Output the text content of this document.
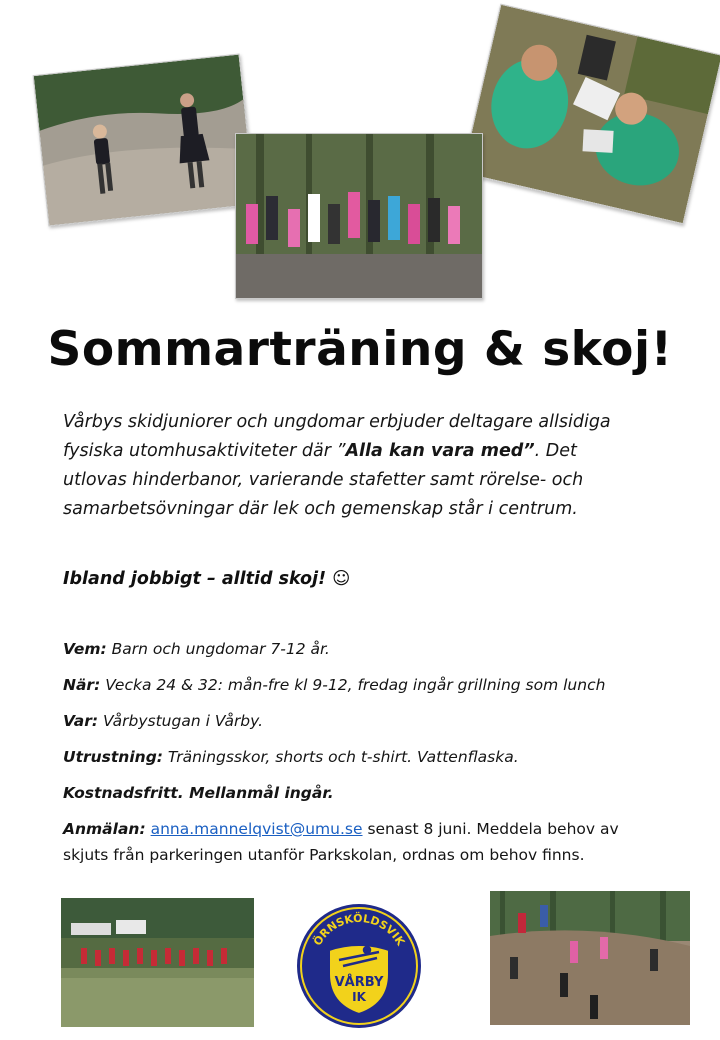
Sommarträning & skoj!
Vårbys skidjuniorer och ungdomar erbjuder deltagare allsidiga fysiska utomhusaktiviteter där ”Alla kan vara med”. Det utlovas hinderbanor, varierande stafetter samt rörelse- och samarbetsövningar där lek och gemenskap står i centrum.
Ibland jobbigt – alltid skoj! ☺
Vem: Barn och ungdomar 7-12 år.
När: Vecka 24 & 32: mån-fre kl 9-12, fredag ingår grillning som lunch
Var: Vårbystugan i Vårby.
Utrustning: Träningsskor, shorts och t-shirt. Vattenflaska.
Kostnadsfritt. Mellanmål ingår.
Anmälan: anna.mannelqvist@umu.se senast 8 juni. Meddela behov av
skjuts från parkeringen utanför Parkskolan, ordnas om behov finns.
ÖRNSKÖLDSVIK
VÅRBY
IK
